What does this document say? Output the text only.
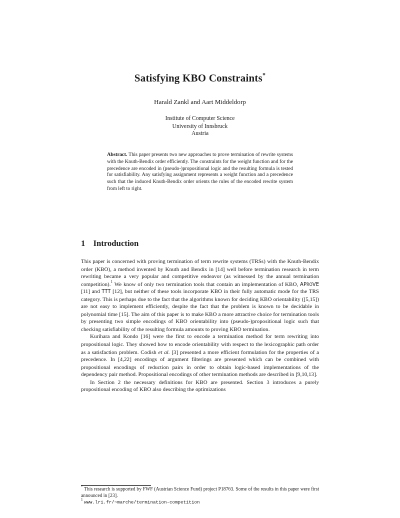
Satisfying KBO Constraints*
Harald Zankl and Aart Middeldorp
Institute of Computer Science
University of Innsbruck
Austria
Abstract. This paper presents two new approaches to prove termination of rewrite systems with the Knuth-Bendix order efficiently. The constraints for the weight function and for the precedence are encoded in (pseudo-)propositional logic and the resulting formula is tested for satisfiability. Any satisfying assignment represents a weight function and a precedence such that the induced Knuth-Bendix order orients the rules of the encoded rewrite system from left to right.
1 Introduction

This paper is concerned with proving termination of term rewrite systems (TRSs) with the Knuth-Bendix order (KBO), a method invented by Knuth and Bendix in [14] well before termination research in term rewriting became a very popular and competitive endeavor (as witnessed by the annual termination competition).$^1$ We know of only two termination tools that contain an implementation of KBO, AProVE [11] and TTT [12], but neither of these tools incorporate KBO in their fully automatic mode for the TRS category. This is perhaps due to the fact that the algorithms known for deciding KBO orientability ([5,15]) are not easy to implement efficiently, despite the fact that the problem is known to be decidable in polynomial time [15]. The aim of this paper is to make KBO a more attractive choice for termination tools by presenting two simple encodings of KBO orientability into (pseudo-)propositional logic such that checking satisfiability of the resulting formula amounts to proving KBO termination.

Kurihara and Kondo [16] were the first to encode a termination method for term rewriting into propositional logic. They showed how to encode orientability with respect to the lexicographic path order as a satisfaction problem. Codish et al. [3] presented a more efficient formulation for the properties of a precedence. In [4,22] encodings of argument filterings are presented which can be combined with propositional encodings of reduction pairs in order to obtain logic-based implementations of the dependency pair method. Propositional encodings of other termination methods are described in [9,10,13].

In Section 2 the necessary definitions for KBO are presented. Section 3 introduces a purely propositional encoding of KBO also describing the optimizations

* This research is supported by FWF (Austrian Science Fund) project P18763. Some of the results in this paper were first announced in [23].
$^1$ www.lri.fr/~marche/termination-competition
